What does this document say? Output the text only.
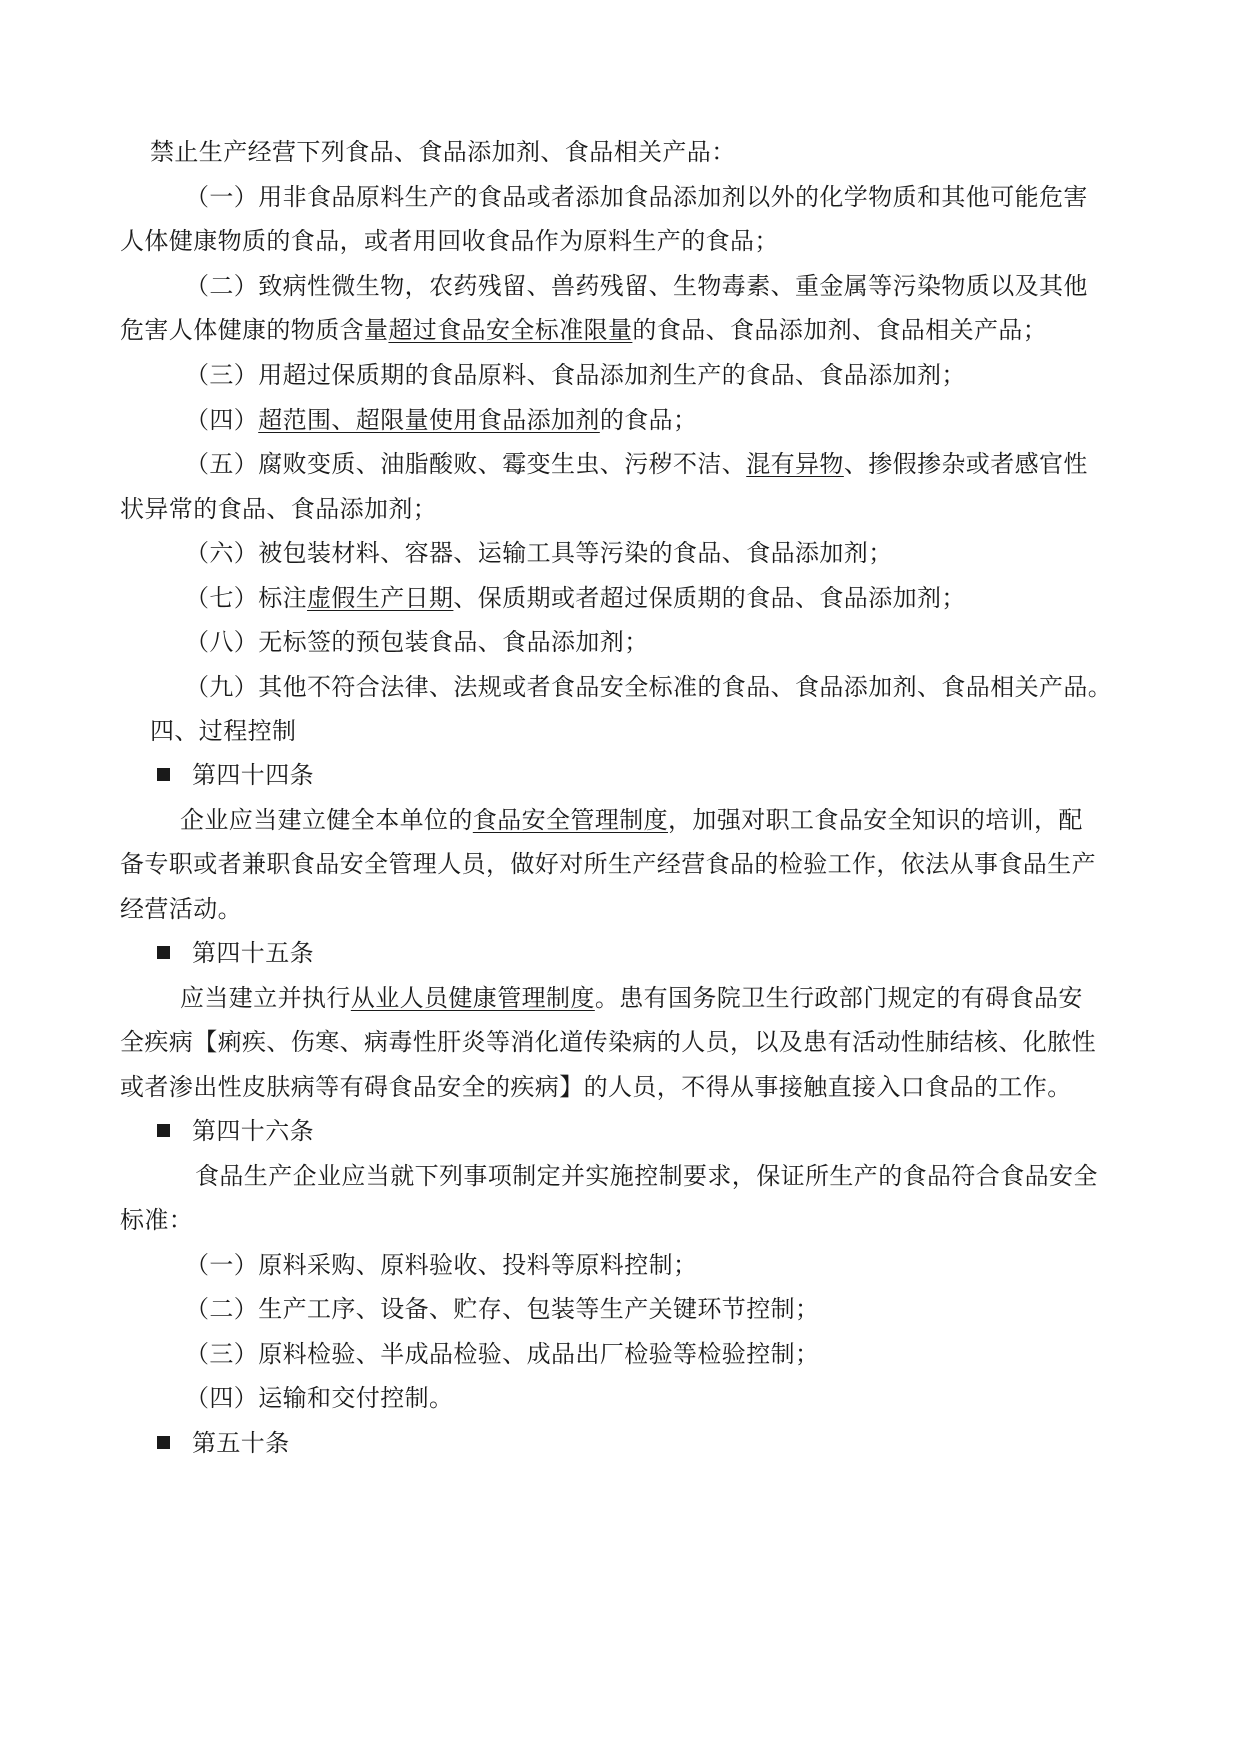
禁止生产经营下列食品、食品添加剂、食品相关产品：
（一）用非食品原料生产的食品或者添加食品添加剂以外的化学物质和其他可能危害
人体健康物质的食品，或者用回收食品作为原料生产的食品；
（二）致病性微生物，农药残留、兽药残留、生物毒素、重金属等污染物质以及其他
危害人体健康的物质含量超过食品安全标准限量的食品、食品添加剂、食品相关产品；
（三）用超过保质期的食品原料、食品添加剂生产的食品、食品添加剂；
（四）超范围、超限量使用食品添加剂的食品；
（五）腐败变质、油脂酸败、霉变生虫、污秽不洁、混有异物、掺假掺杂或者感官性
状异常的食品、食品添加剂；
（六）被包装材料、容器、运输工具等污染的食品、食品添加剂；
（七）标注虚假生产日期、保质期或者超过保质期的食品、食品添加剂；
（八）无标签的预包装食品、食品添加剂；
（九）其他不符合法律、法规或者食品安全标准的食品、食品添加剂、食品相关产品。
四、过程控制
第四十四条
企业应当建立健全本单位的食品安全管理制度，加强对职工食品安全知识的培训，配
备专职或者兼职食品安全管理人员，做好对所生产经营食品的检验工作，依法从事食品生产
经营活动。
第四十五条
应当建立并执行从业人员健康管理制度。患有国务院卫生行政部门规定的有碍食品安
全疾病【痢疾、伤寒、病毒性肝炎等消化道传染病的人员，以及患有活动性肺结核、化脓性
或者渗出性皮肤病等有碍食品安全的疾病】的人员，不得从事接触直接入口食品的工作。
第四十六条
食品生产企业应当就下列事项制定并实施控制要求，保证所生产的食品符合食品安全
标准：
（一）原料采购、原料验收、投料等原料控制；
（二）生产工序、设备、贮存、包装等生产关键环节控制；
（三）原料检验、半成品检验、成品出厂检验等检验控制；
（四）运输和交付控制。
第五十条
